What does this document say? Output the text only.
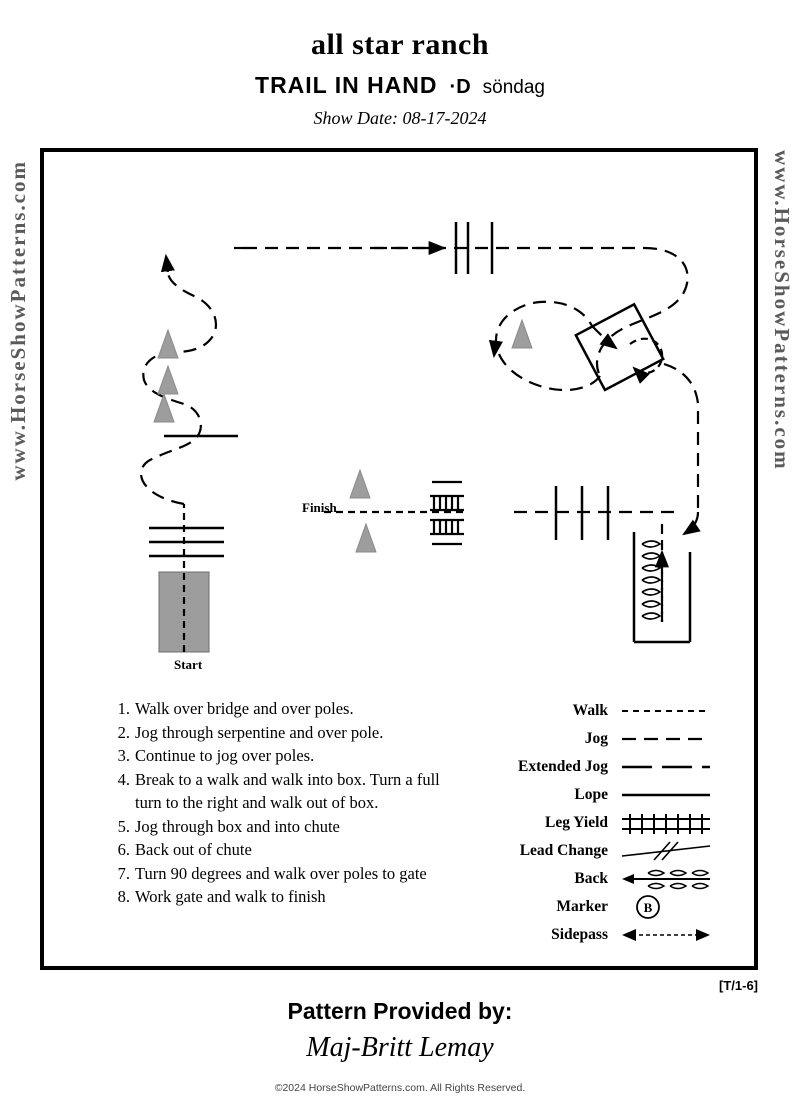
all star ranch
TRAIL IN HAND ·D söndag
Show Date: 08-17-2024
www.HorseShowPatterns.com	www.HorseShowPatterns.com
Start
Finish
1. Walk over bridge and over poles.
2. Jog through serpentine and over pole.
3. Continue to jog over poles.
4. Break to a walk and walk into box. Turn a full turn to the right and walk out of box.
5. Jog through box and into chute
6. Back out of chute
7. Turn 90 degrees and walk over poles to gate
8. Work gate and walk to finish
Walk
Jog
Extended Jog
Lope
Leg Yield
Lead Change
Back
Marker	B
Sidepass
[T/1-6]
Pattern Provided by:
Maj-Britt Lemay
©2024 HorseShowPatterns.com. All Rights Reserved.
